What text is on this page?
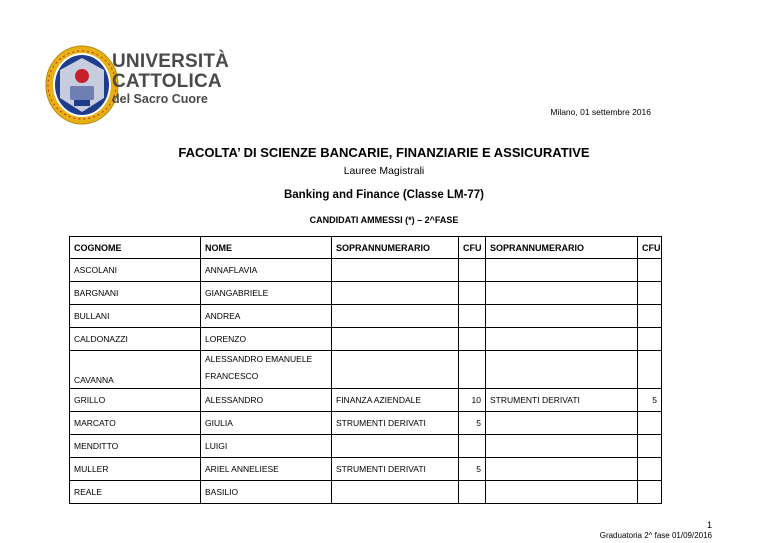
UNIVERSITÀ
CATTOLICA
del Sacro Cuore
Milano, 01 settembre 2016
FACOLTA’ DI SCIENZE BANCARIE, FINANZIARIE E ASSICURATIVE
Lauree Magistrali
Banking and Finance (Classe LM-77)
CANDIDATI AMMESSI (*) – 2^FASE
COGNOME	NOME	SOPRANNUMERARIO	CFU	SOPRANNUMERARIO	CFU
ASCOLANI	ANNAFLAVIA				
BARGNANI	GIANGABRIELE				
BULLANI	ANDREA				
CALDONAZZI	LORENZO				
CAVANNA	ALESSANDRO EMANUELE FRANCESCO				

GRILLO	ALESSANDRO	FINANZA AZIENDALE	10	STRUMENTI DERIVATI	5
MARCATO	GIULIA	STRUMENTI DERIVATI	5		
MENDITTO	LUIGI				
MULLER	ARIEL ANNELIESE	STRUMENTI DERIVATI	5		
REALE	BASILIO				
1
Graduatoria 2^ fase 01/09/2016
